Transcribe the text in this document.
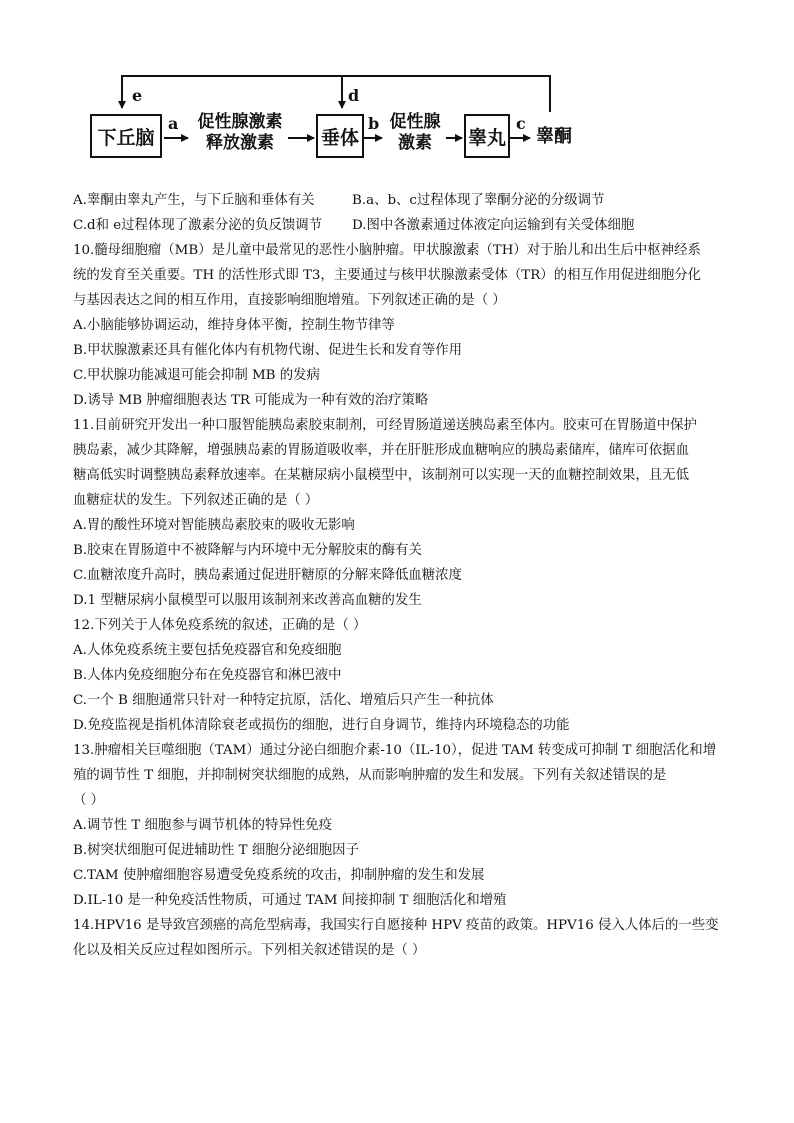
e	d
下丘脑
a	促性腺激素
释放激素	垂体
b 促性腺
激素	睾丸
c
睾酮
A.睾酮由睾丸产生，与下丘脑和垂体有关	B.a、b、c过程体现了睾酮分泌的分级调节
C.d和 e过程体现了激素分泌的负反馈调节	D.图中各激素通过体液定向运输到有关受体细胞
10.髓母细胞瘤（MB）是儿童中最常见的恶性小脑肿瘤。甲状腺激素（TH）对于胎儿和出生后中枢神经系
统的发育至关重要。TH 的活性形式即 T3，主要通过与核甲状腺激素受体（TR）的相互作用促进细胞分化
与基因表达之间的相互作用，直接影响细胞增殖。下列叙述正确的是（ ）
A.小脑能够协调运动，维持身体平衡，控制生物节律等
B.甲状腺激素还具有催化体内有机物代谢、促进生长和发育等作用
C.甲状腺功能减退可能会抑制 MB 的发病
D.诱导 MB 肿瘤细胞表达 TR 可能成为一种有效的治疗策略
11.目前研究开发出一种口服智能胰岛素胶束制剂，可经胃肠道递送胰岛素至体内。胶束可在胃肠道中保护
胰岛素，减少其降解，增强胰岛素的胃肠道吸收率，并在肝脏形成血糖响应的胰岛素储库，储库可依据血
糖高低实时调整胰岛素释放速率。在某糖尿病小鼠模型中，该制剂可以实现一天的血糖控制效果，且无低
血糖症状的发生。下列叙述正确的是（ ）
A.胃的酸性环境对智能胰岛素胶束的吸收无影响
B.胶束在胃肠道中不被降解与内环境中无分解胶束的酶有关
C.血糖浓度升高时，胰岛素通过促进肝糖原的分解来降低血糖浓度
D.1 型糖尿病小鼠模型可以服用该制剂来改善高血糖的发生
12.下列关于人体免疫系统的叙述，正确的是（ ）
A.人体免疫系统主要包括免疫器官和免疫细胞
B.人体内免疫细胞分布在免疫器官和淋巴液中
C.一个 B 细胞通常只针对一种特定抗原，活化、增殖后只产生一种抗体
D.免疫监视是指机体清除衰老或损伤的细胞，进行自身调节，维持内环境稳态的功能
13.肿瘤相关巨噬细胞（TAM）通过分泌白细胞介素-10（IL-10），促进 TAM 转变成可抑制 T 细胞活化和增
殖的调节性 T 细胞，并抑制树突状细胞的成熟，从而影响肿瘤的发生和发展。下列有关叙述错误的是
（ ）
A.调节性 T 细胞参与调节机体的特异性免疫
B.树突状细胞可促进辅助性 T 细胞分泌细胞因子
C.TAM 使肿瘤细胞容易遭受免疫系统的攻击，抑制肿瘤的发生和发展
D.IL-10 是一种免疫活性物质，可通过 TAM 间接抑制 T 细胞活化和增殖
14.HPV16 是导致宫颈癌的高危型病毒，我国实行自愿接种 HPV 疫苗的政策。HPV16 侵入人体后的一些变
化以及相关反应过程如图所示。下列相关叙述错误的是（ ）
